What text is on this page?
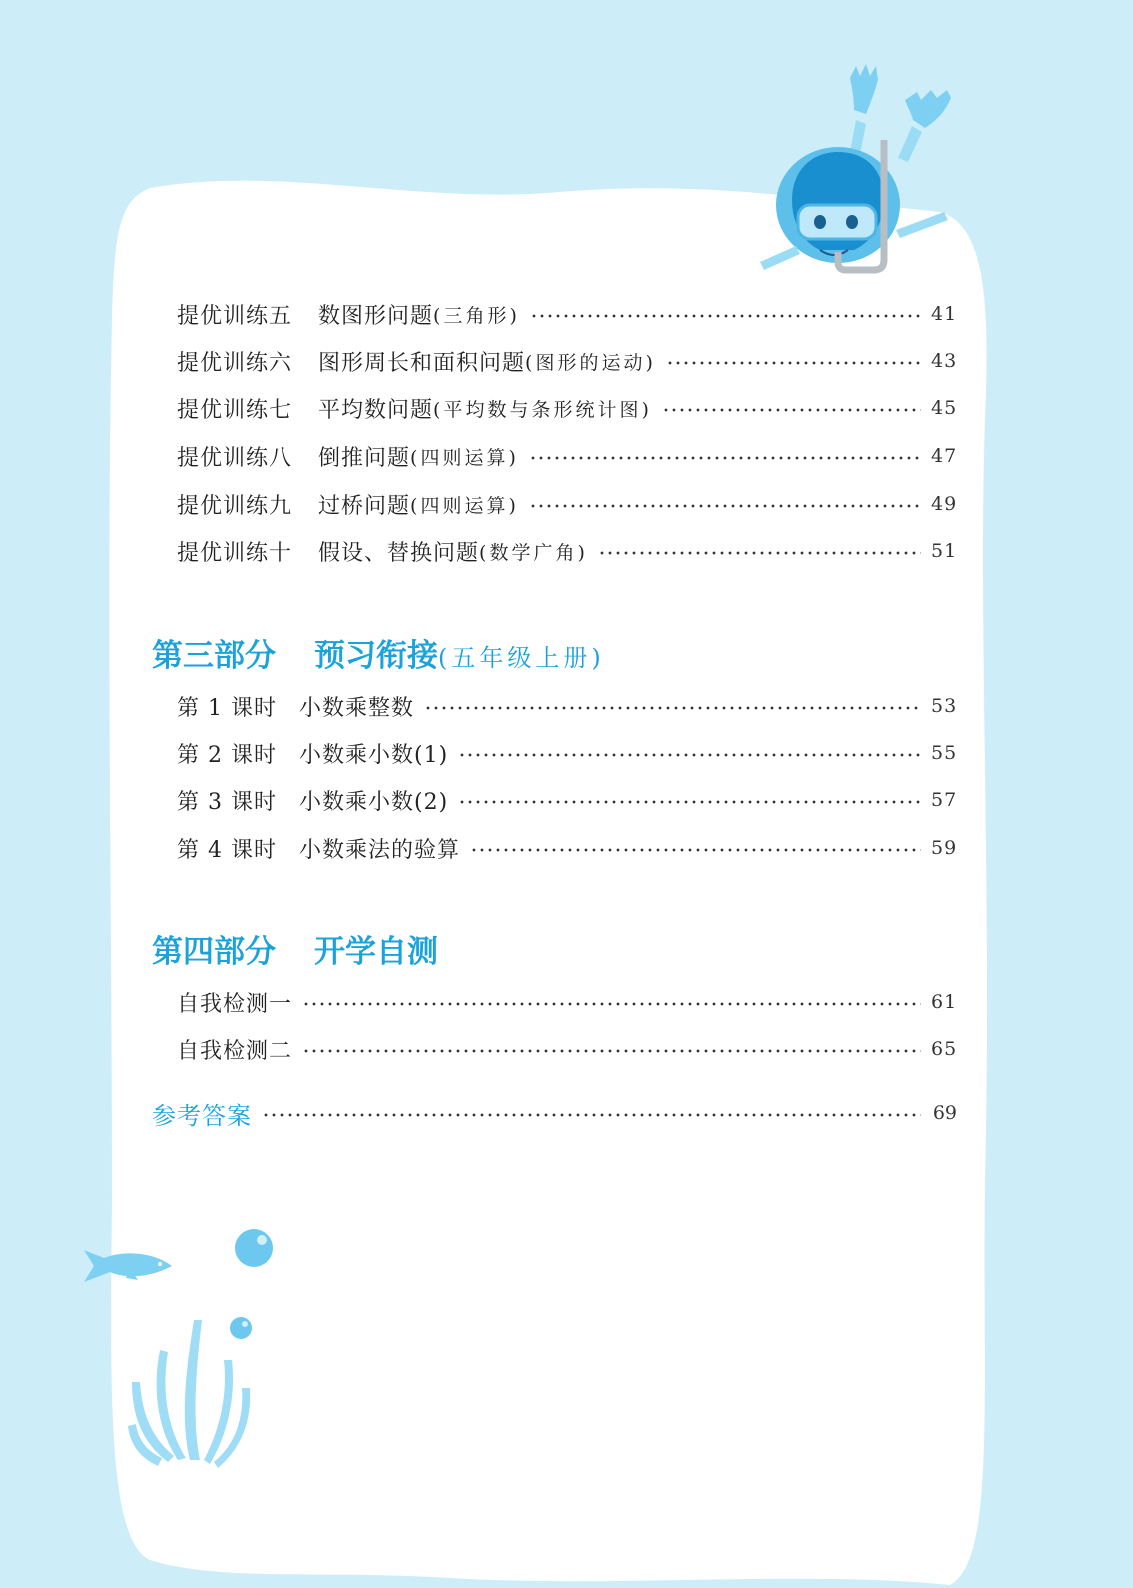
提优训练五 数图形问题 (三角形)	41
提优训练六 图形周长和面积问题 (图形的运动)	43
提优训练七 平均数问题 (平均数与条形统计图)	45
提优训练八 倒推问题 (四则运算)	47
提优训练九 过桥问题 (四则运算)	49
提优训练十 假设、替换问题 (数学广角)	51
第三部分 预习衔接 (五年级上册)
第 1 课时 小数乘整数	53
第 2 课时 小数乘小数(1)	55
第 3 课时 小数乘小数(2)	57
第 4 课时 小数乘法的验算	59
第四部分 开学自测
自我检测一	61
自我检测二	65
参考答案	69
